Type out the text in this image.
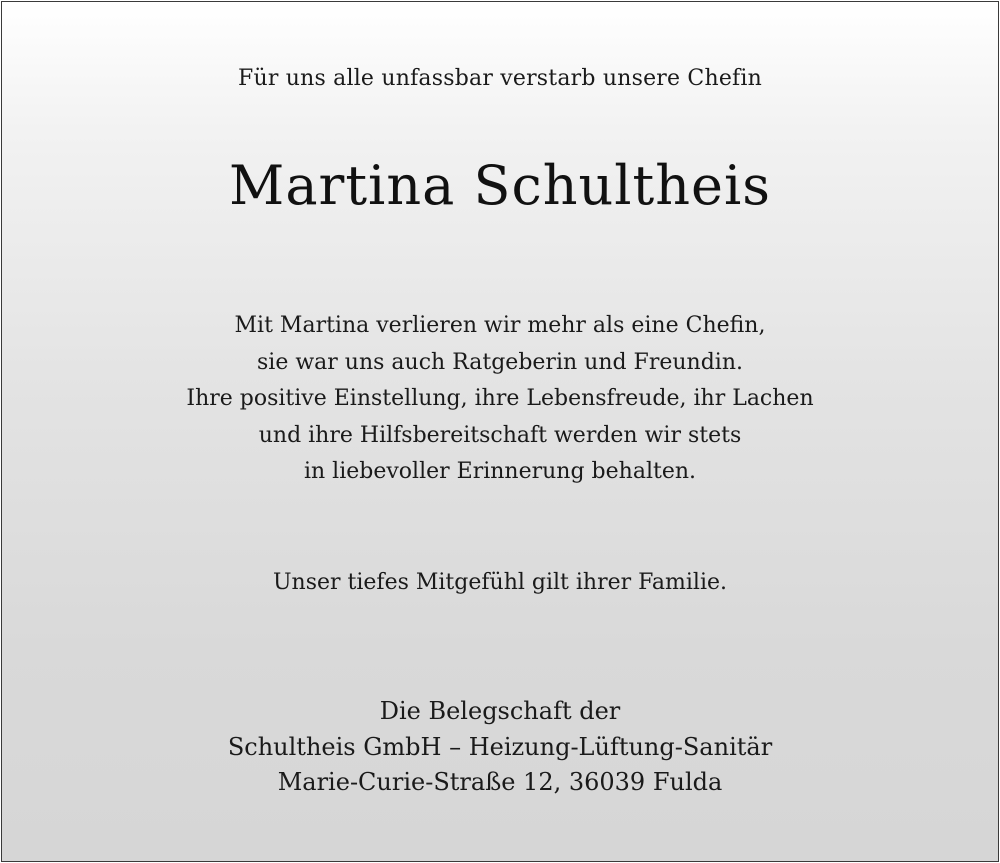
Für uns alle unfassbar verstarb unsere Chefin
Martina Schultheis
Mit Martina verlieren wir mehr als eine Chefin,
sie war uns auch Ratgeberin und Freundin.
Ihre positive Einstellung, ihre Lebensfreude, ihr Lachen
und ihre Hilfsbereitschaft werden wir stets
in liebevoller Erinnerung behalten.
Unser tiefes Mitgefühl gilt ihrer Familie.
Die Belegschaft der
Schultheis GmbH – Heizung-Lüftung-Sanitär
Marie-Curie-Straße 12, 36039 Fulda
